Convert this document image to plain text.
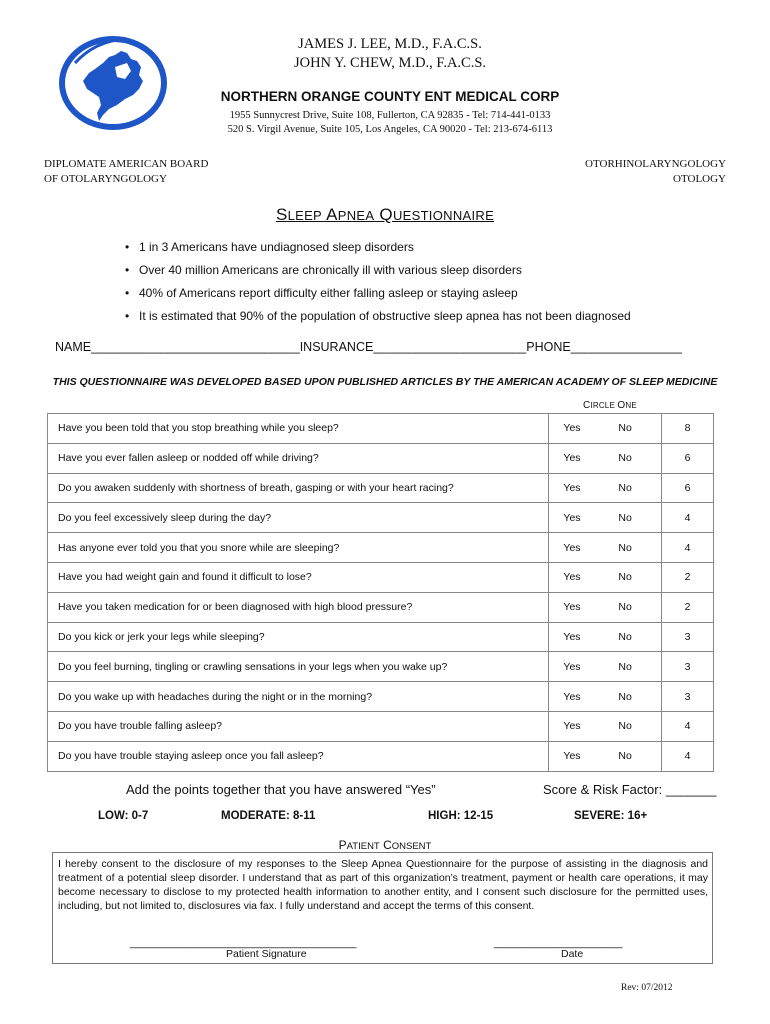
JAMES J. LEE, M.D., F.A.C.S.
JOHN Y. CHEW, M.D., F.A.C.S.
NORTHERN ORANGE COUNTY ENT MEDICAL CORP
1955 Sunnycrest Drive, Suite 108, Fullerton, CA 92835 - Tel: 714-441-0133
520 S. Virgil Avenue, Suite 105, Los Angeles, CA 90020 - Tel: 213-674-6113
DIPLOMATE AMERICAN BOARD
OF OTOLARYNGOLOGY
OTORHINOLARYNGOLOGY
OTOLOGY
SLEEP APNEA QUESTIONNAIRE
• 1 in 3 Americans have undiagnosed sleep disorders
• Over 40 million Americans are chronically ill with various sleep disorders
• 40% of Americans report difficulty either falling asleep or staying asleep
• It is estimated that 90% of the population of obstructive sleep apnea has not been diagnosed
NAME______________________________INSURANCE______________________PHONE________________
THIS QUESTIONNAIRE WAS DEVELOPED BASED UPON PUBLISHED ARTICLES BY THE AMERICAN ACADEMY OF SLEEP MEDICINE
CIRCLE ONE
Have you been told that you stop breathing while you sleep?	Yes No	8
Have you ever fallen asleep or nodded off while driving?	Yes No	6
Do you awaken suddenly with shortness of breath, gasping or with your heart racing?	Yes No	6
Do you feel excessively sleep during the day?	Yes No	4
Has anyone ever told you that you snore while are sleeping?	Yes No	4
Have you had weight gain and found it difficult to lose?	Yes No	2
Have you taken medication for or been diagnosed with high blood pressure?	Yes No	2
Do you kick or jerk your legs while sleeping?	Yes No	3
Do you feel burning, tingling or crawling sensations in your legs when you wake up?	Yes No	3
Do you wake up with headaches during the night or in the morning?	Yes No	3
Do you have trouble falling asleep?	Yes No	4
Do you have trouble staying asleep once you fall asleep?	Yes No	4
Add the points together that you have answered “Yes”	Score & Risk Factor: _______
LOW: 0-7	MODERATE: 8-11	HIGH: 12-15	SEVERE: 16+
PATIENT CONSENT
I hereby consent to the disclosure of my responses to the Sleep Apnea Questionnaire for the purpose of assisting in the diagnosis and treatment of a potential sleep disorder. I understand that as part of this organization’s treatment, payment or health care operations, it may become necessary to disclose to my protected health information to another entity, and I consent such disclosure for the permitted uses, including, but not limited to, disclosures via fax. I fully understand and accept the terms of this consent.
_____________________________________
Patient Signature
_____________________
Date
Rev: 07/2012
